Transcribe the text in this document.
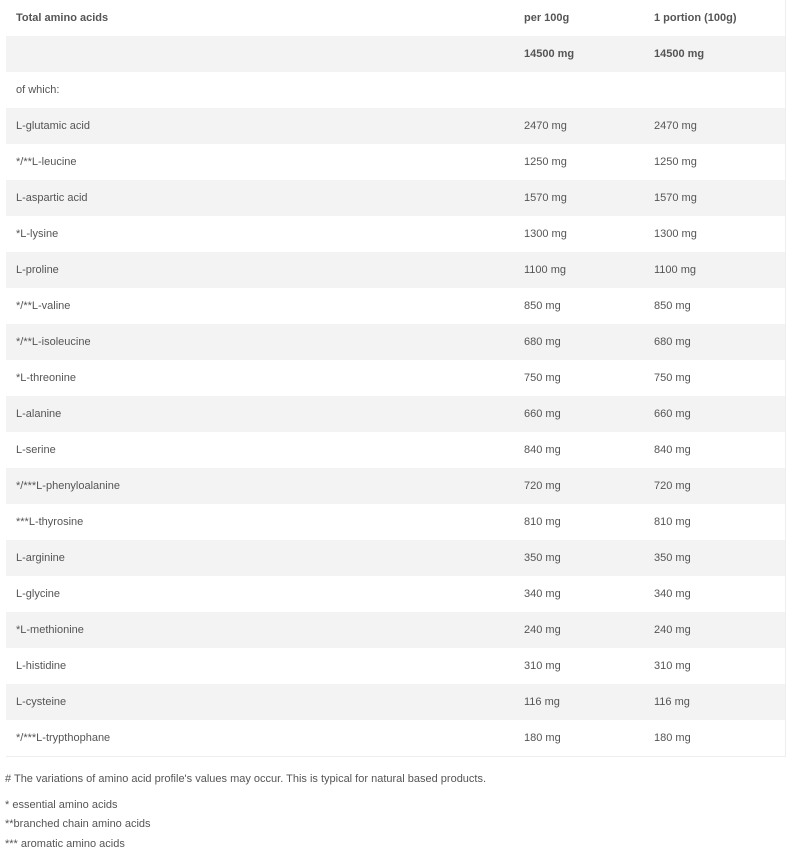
Total amino acids	per 100g	1 portion (100g)
	14500 mg	14500 mg
of which:		
L-glutamic acid	2470 mg	2470 mg
*/**L-leucine	1250 mg	1250 mg
L-aspartic acid	1570 mg	1570 mg
*L-lysine	1300 mg	1300 mg
L-proline	1100 mg	1100 mg
*/**L-valine	850 mg	850 mg
*/**L-isoleucine	680 mg	680 mg
*L-threonine	750 mg	750 mg
L-alanine	660 mg	660 mg
L-serine	840 mg	840 mg
*/***L-phenyloalanine	720 mg	720 mg
***L-thyrosine	810 mg	810 mg
L-arginine	350 mg	350 mg
L-glycine	340 mg	340 mg
*L-methionine	240 mg	240 mg
L-histidine	310 mg	310 mg
L-cysteine	116 mg	116 mg
*/***L-trypthophane	180 mg	180 mg
# The variations of amino acid profile's values may occur. This is typical for natural based products.
* essential amino acids
**branched chain amino acids
*** aromatic amino acids
